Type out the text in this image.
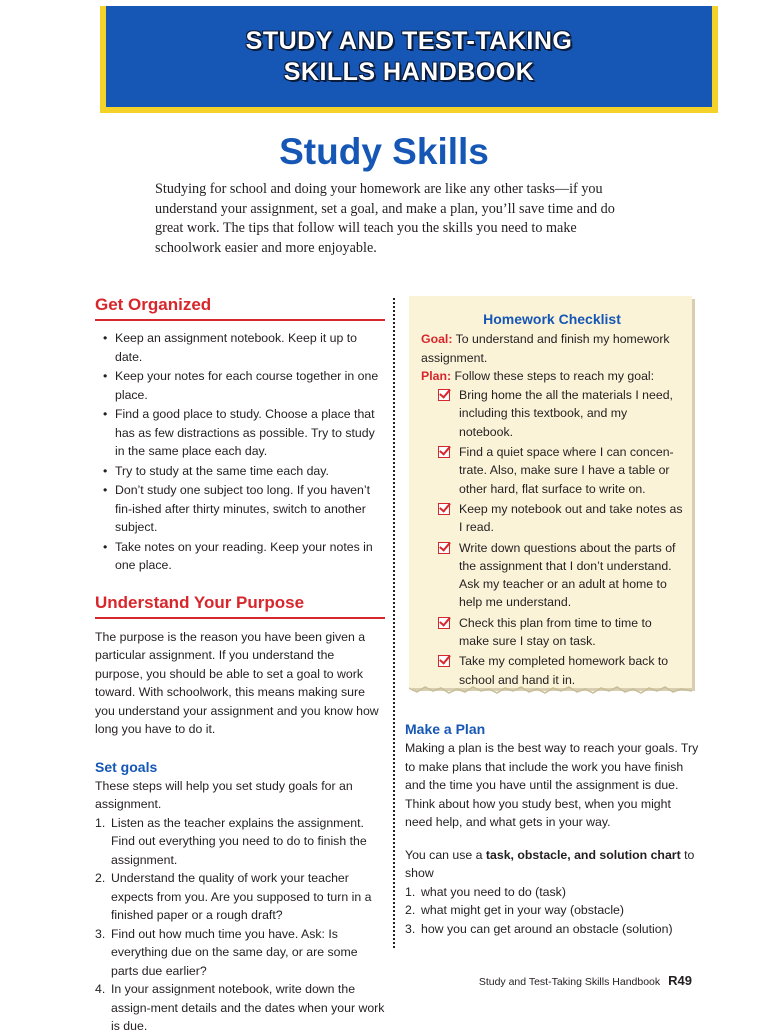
STUDY AND TEST-TAKING
SKILLS HANDBOOK
Study Skills
Studying for school and doing your homework are like any other tasks—if you understand your assignment, set a goal, and make a plan, you’ll save time and do great work. The tips that follow will teach you the skills you need to make schoolwork easier and more enjoyable.
Get Organized
• Keep an assignment notebook. Keep it up to date.
• Keep your notes for each course together in one place.
• Find a good place to study. Choose a place that has as few distractions as possible. Try to study in the same place each day.
• Try to study at the same time each day.
• Don’t study one subject too long. If you haven’t fin-ished after thirty minutes, switch to another subject.
• Take notes on your reading. Keep your notes in one place.
Understand Your Purpose

The purpose is the reason you have been given a particular assignment. If you understand the purpose, you should be able to set a goal to work toward. With schoolwork, this means making sure you understand your assignment and you know how long you have to do it.

Set goals

These steps will help you set study goals for an assignment.

1. Listen as the teacher explains the assignment. Find out everything you need to do to finish the assignment.
2. Understand the quality of work your teacher expects from you. Are you supposed to turn in a finished paper or a rough draft?
3. Find out how much time you have. Ask: Is everything due on the same day, or are some parts due earlier?
4. In your assignment notebook, write down the assign-ment details and the dates when your work is due.
Homework Checklist
Goal: To understand and finish my homework assignment.
Plan: Follow these steps to reach my goal:
Bring home the all the materials I need, including this textbook, and my notebook.
Find a quiet space where I can concen-trate. Also, make sure I have a table or other hard, flat surface to write on.
Keep my notebook out and take notes as I read.
Write down questions about the parts of the assignment that I don’t understand. Ask my teacher or an adult at home to help me understand.
Check this plan from time to time to make sure I stay on task.
Take my completed homework back to school and hand it in.
Make a Plan

Making a plan is the best way to reach your goals. Try to make plans that include the work you have finish and the time you have until the assignment is due. Think about how you study best, when you might need help, and what gets in your way.

You can use a task, obstacle, and solution chart to show

1. what you need to do (task)
2. what might get in your way (obstacle)
3. how you can get around an obstacle (solution)
Study and Test-Taking Skills Handbook R49
